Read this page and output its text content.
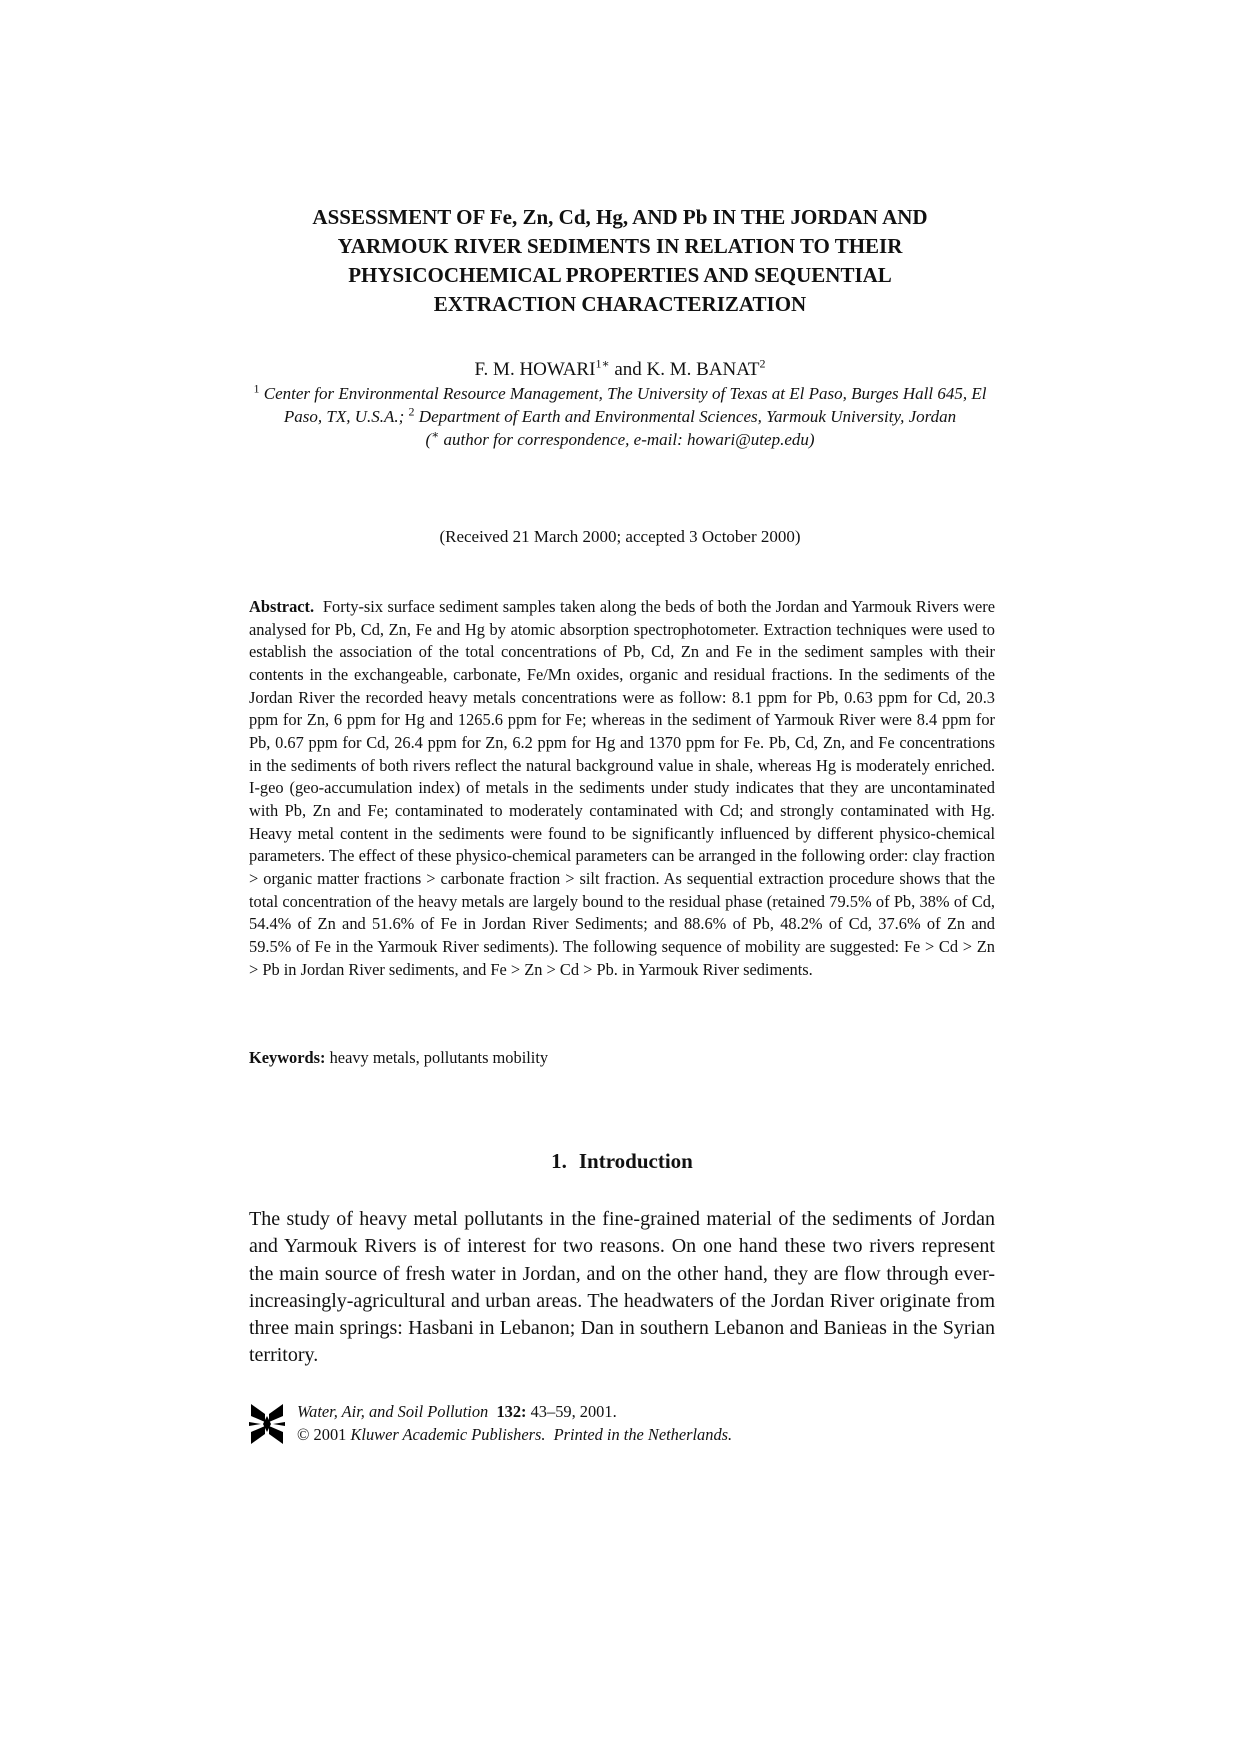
ASSESSMENT OF Fe, Zn, Cd, Hg, AND Pb IN THE JORDAN AND
YARMOUK RIVER SEDIMENTS IN RELATION TO THEIR
PHYSICOCHEMICAL PROPERTIES AND SEQUENTIAL
EXTRACTION CHARACTERIZATION
F. M. $HOWARI^{1∗}$ and K. M. BANAT$^2$
$^1$ Center for Environmental Resource Management, The University of Texas at El Paso, Burges Hall 645, El Paso, TX, U.S.A.; $^2$ Department of Earth and Environmental Sciences, Yarmouk University, Jordan
(∗ author for correspondence, e-mail: howari@utep.edu)
(Received 21 March 2000; accepted 3 October 2000)

Abstract. Forty-six surface sediment samples taken along the beds of both the Jordan and Yarmouk Rivers were analysed for Pb, Cd, Zn, Fe and Hg by atomic absorption spectrophotometer. Extraction techniques were used to establish the association of the total concentrations of Pb, Cd, Zn and Fe in the sediment samples with their contents in the exchangeable, carbonate, Fe/Mn oxides, organic and residual fractions. In the sediments of the Jordan River the recorded heavy metals concentrations were as follow: 8.1 ppm for Pb, 0.63 ppm for Cd, 20.3 ppm for Zn, 6 ppm for Hg and 1265.6 ppm for Fe; whereas in the sediment of Yarmouk River were 8.4 ppm for Pb, 0.67 ppm for Cd, 26.4 ppm for Zn, 6.2 ppm for Hg and 1370 ppm for Fe. Pb, Cd, Zn, and Fe concentrations in the sediments of both rivers reflect the natural background value in shale, whereas Hg is moderately enriched. I-geo (geo-accumulation index) of metals in the sediments under study indicates that they are uncontaminated with Pb, Zn and Fe; contaminated to moderately contaminated with Cd; and strongly contaminated with Hg. Heavy metal content in the sediments were found to be significantly influenced by different physico-chemical parameters. The effect of these physico-chemical parameters can be arranged in the following order: clay fraction > organic matter fractions > carbonate fraction > silt fraction. As sequential extraction procedure shows that the total concentration of the heavy metals are largely bound to the residual phase (retained 79.5% of Pb, 38% of Cd, 54.4% of Zn and 51.6% of Fe in Jordan River Sediments; and 88.6% of Pb, 48.2% of Cd, 37.6% of Zn and 59.5% of Fe in the Yarmouk River sediments). The following sequence of mobility are suggested: Fe > Cd > Zn > Pb in Jordan River sediments, and Fe > Zn > Cd > Pb. in Yarmouk River sediments.

Keywords: heavy metals, pollutants mobility
1. Introduction

The study of heavy metal pollutants in the fine-grained material of the sediments of Jordan and Yarmouk Rivers is of interest for two reasons. On one hand these two rivers represent the main source of fresh water in Jordan, and on the other hand, they are flow through ever-increasingly-agricultural and urban areas. The headwaters of the Jordan River originate from three main springs: Hasbani in Lebanon; Dan in southern Lebanon and Banieas in the Syrian territory.

Water, Air, and Soil Pollution 132: 43–59, 2001.
© 2001 Kluwer Academic Publishers. Printed in the Netherlands.
